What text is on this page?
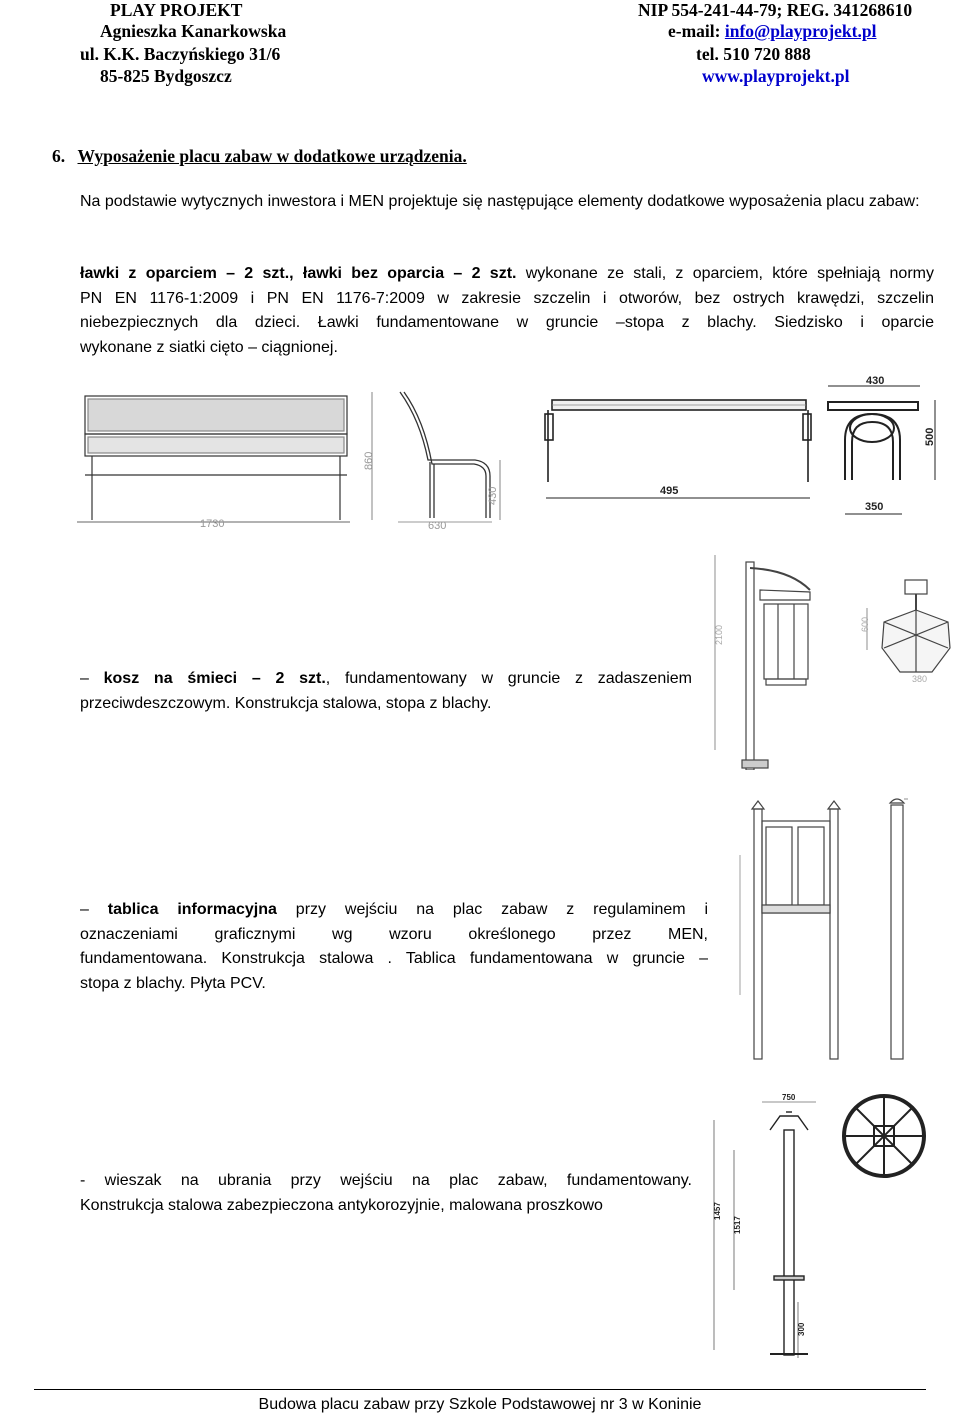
PLAY PROJEKT
Agnieszka Kanarkowska
ul. K.K. Baczyńskiego 31/6
85-825 Bydgoszcz
NIP 554-241-44-79; REG. 341268610
e-mail: info@playprojekt.pl
tel. 510 720 888
www.playprojekt.pl
6. Wyposażenie placu zabaw w dodatkowe urządzenia.
Na podstawie wytycznych inwestora i MEN projektuje się następujące elementy dodatkowe wyposażenia placu zabaw:
ławki z oparciem – 2 szt., ławki bez oparcia – 2 szt. wykonane ze stali, z oparciem, które spełniają normy
PN EN 1176-1:2009 i PN EN 1176-7:2009 w zakresie szczelin i otworów, bez ostrych krawędzi, szczelin
niebezpiecznych dla dzieci. Ławki fundamentowane w gruncie –stopa z blachy. Siedzisko i oparcie
wykonane z siatki cięto – ciągnionej.
1730
860
630
430	495
430
500
350
2100
600
380
– kosz na śmieci – 2 szt., fundamentowany w gruncie z zadaszeniem
przeciwdeszczowym. Konstrukcja stalowa, stopa z blachy.
– tablica informacyjna przy wejściu na plac zabaw z regulaminem i
oznaczeniami graficznymi wg wzoru określonego przez MEN,
fundamentowana. Konstrukcja stalowa . Tablica fundamentowana w gruncie –
stopa z blachy. Płyta PCV.
750
1457
1517
300
- wieszak na ubrania przy wejściu na plac zabaw, fundamentowany.
Konstrukcja stalowa zabezpieczona antykorozyjnie, malowana proszkowo
Budowa placu zabaw przy Szkole Podstawowej nr 3 w Koninie
